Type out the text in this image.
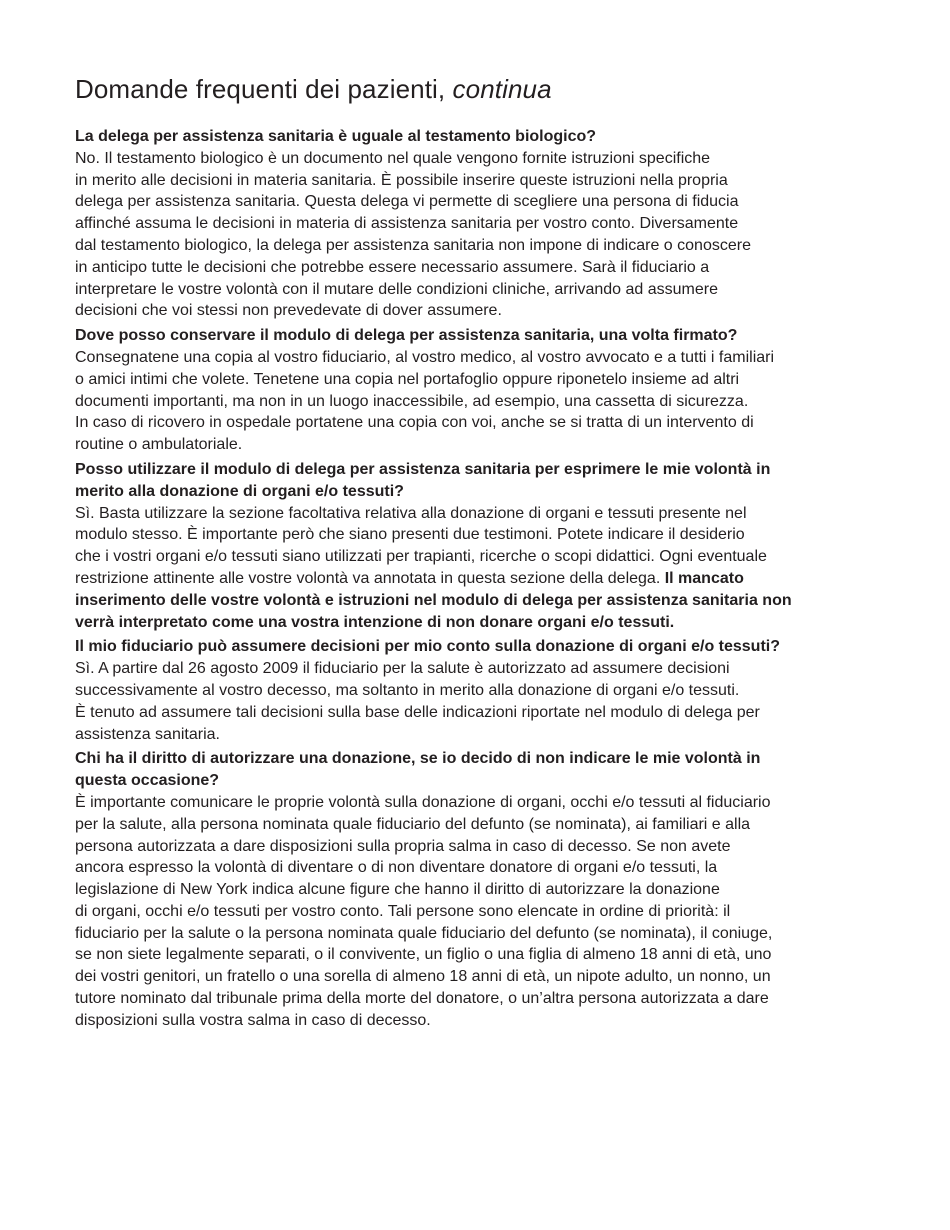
Domande frequenti dei pazienti, continua
La delega per assistenza sanitaria è uguale al testamento biologico?
No. Il testamento biologico è un documento nel quale vengono fornite istruzioni specifiche
in merito alle decisioni in materia sanitaria. È possibile inserire queste istruzioni nella propria
delega per assistenza sanitaria. Questa delega vi permette di scegliere una persona di fiducia
affinché assuma le decisioni in materia di assistenza sanitaria per vostro conto. Diversamente
dal testamento biologico, la delega per assistenza sanitaria non impone di indicare o conoscere
in anticipo tutte le decisioni che potrebbe essere necessario assumere. Sarà il fiduciario a
interpretare le vostre volontà con il mutare delle condizioni cliniche, arrivando ad assumere
decisioni che voi stessi non prevedevate di dover assumere.
Dove posso conservare il modulo di delega per assistenza sanitaria, una volta firmato?
Consegnatene una copia al vostro fiduciario, al vostro medico, al vostro avvocato e a tutti i familiari
o amici intimi che volete. Tenetene una copia nel portafoglio oppure riponetelo insieme ad altri
documenti importanti, ma non in un luogo inaccessibile, ad esempio, una cassetta di sicurezza.
In caso di ricovero in ospedale portatene una copia con voi, anche se si tratta di un intervento di
routine o ambulatoriale.
Posso utilizzare il modulo di delega per assistenza sanitaria per esprimere le mie volontà in
merito alla donazione di organi e/o tessuti?
Sì. Basta utilizzare la sezione facoltativa relativa alla donazione di organi e tessuti presente nel
modulo stesso. È importante però che siano presenti due testimoni. Potete indicare il desiderio
che i vostri organi e/o tessuti siano utilizzati per trapianti, ricerche o scopi didattici. Ogni eventuale
restrizione attinente alle vostre volontà va annotata in questa sezione della delega. Il mancato
inserimento delle vostre volontà e istruzioni nel modulo di delega per assistenza sanitaria non
verrà interpretato come una vostra intenzione di non donare organi e/o tessuti.
Il mio fiduciario può assumere decisioni per mio conto sulla donazione di organi e/o tessuti?
Sì. A partire dal 26 agosto 2009 il fiduciario per la salute è autorizzato ad assumere decisioni
successivamente al vostro decesso, ma soltanto in merito alla donazione di organi e/o tessuti.
È tenuto ad assumere tali decisioni sulla base delle indicazioni riportate nel modulo di delega per
assistenza sanitaria.
Chi ha il diritto di autorizzare una donazione, se io decido di non indicare le mie volontà in
questa occasione?
È importante comunicare le proprie volontà sulla donazione di organi, occhi e/o tessuti al fiduciario
per la salute, alla persona nominata quale fiduciario del defunto (se nominata), ai familiari e alla
persona autorizzata a dare disposizioni sulla propria salma in caso di decesso. Se non avete
ancora espresso la volontà di diventare o di non diventare donatore di organi e/o tessuti, la
legislazione di New York indica alcune figure che hanno il diritto di autorizzare la donazione
di organi, occhi e/o tessuti per vostro conto. Tali persone sono elencate in ordine di priorità: il
fiduciario per la salute o la persona nominata quale fiduciario del defunto (se nominata), il coniuge,
se non siete legalmente separati, o il convivente, un figlio o una figlia di almeno 18 anni di età, uno
dei vostri genitori, un fratello o una sorella di almeno 18 anni di età, un nipote adulto, un nonno, un
tutore nominato dal tribunale prima della morte del donatore, o un’altra persona autorizzata a dare
disposizioni sulla vostra salma in caso di decesso.
